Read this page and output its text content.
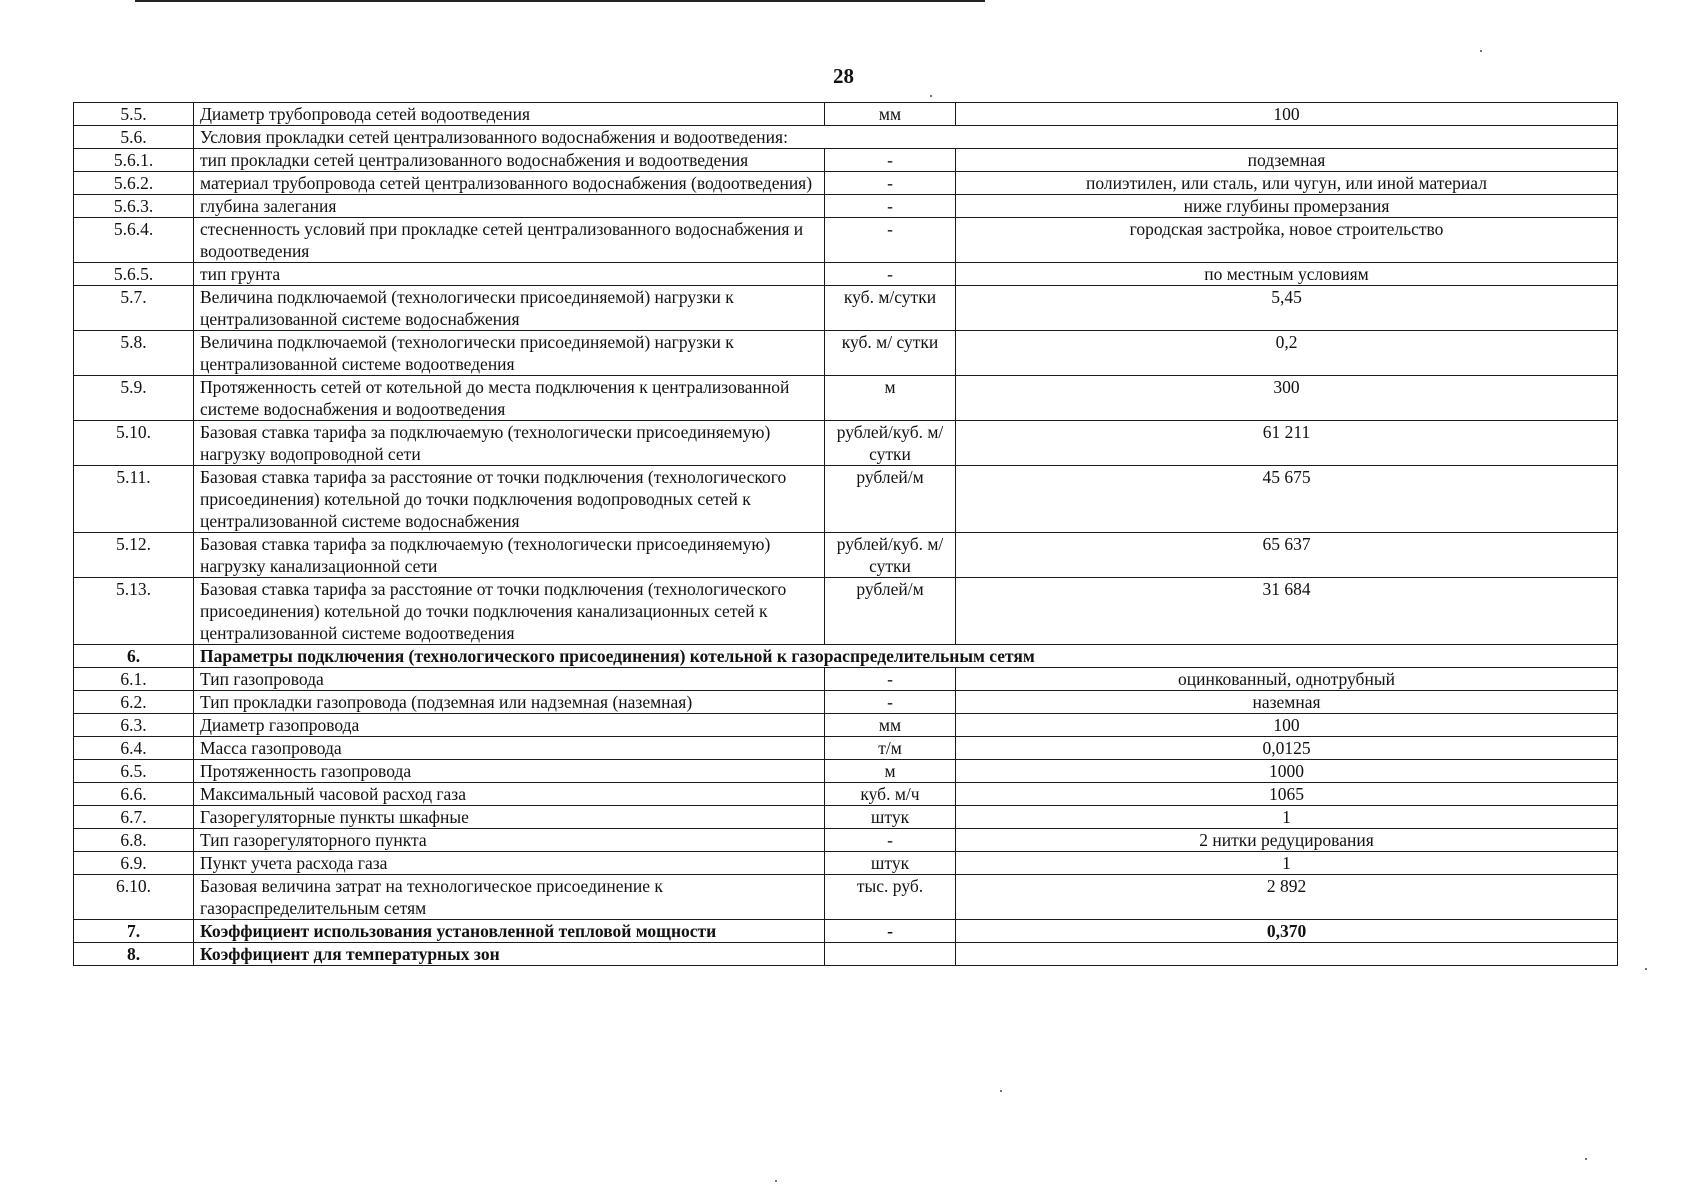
28
5.5.	Диаметр трубопровода сетей водоотведения	мм	100
5.6.	Условия прокладки сетей централизованного водоснабжения и водоотведения:		
5.6.1.	тип прокладки сетей централизованного водоснабжения и водоотведения	-	подземная
5.6.2.	материал трубопровода сетей централизованного водоснабжения (водоотведения)	-	полиэтилен, или сталь, или чугун, или иной материал
5.6.3.	глубина залегания	-	ниже глубины промерзания
5.6.4.	стесненность условий при прокладке сетей централизованного водоснабжения и водоотведения	-	городская застройка, новое строительство
5.6.5.	тип грунта	-	по местным условиям
5.7.	Величина подключаемой (технологически присоединяемой) нагрузки к централизованной системе водоснабжения	куб. м/сутки	5,45
5.8.	Величина подключаемой (технологически присоединяемой) нагрузки к централизованной системе водоотведения	куб. м/ сутки	0,2
5.9.	Протяженность сетей от котельной до места подключения к централизованной системе водоснабжения и водоотведения	м	300
5.10.	Базовая ставка тарифа за подключаемую (технологически присоединяемую) нагрузку водопроводной сети	рублей/куб. м/сутки	61 211
5.11.	Базовая ставка тарифа за расстояние от точки подключения (технологического присоединения) котельной до точки подключения водопроводных сетей к централизованной системе водоснабжения	рублей/м	45 675
5.12.	Базовая ставка тарифа за подключаемую (технологически присоединяемую) нагрузку канализационной сети	рублей/куб. м/сутки	65 637
5.13.	Базовая ставка тарифа за расстояние от точки подключения (технологического присоединения) котельной до точки подключения канализационных сетей к централизованной системе водоотведения	рублей/м	31 684
6.	Параметры подключения (технологического присоединения) котельной к газораспределительным сетям		
6.1.	Тип газопровода	-	оцинкованный, однотрубный
6.2.	Тип прокладки газопровода (подземная или надземная (наземная)	-	наземная
6.3.	Диаметр газопровода	мм	100
6.4.	Масса газопровода	т/м	0,0125
6.5.	Протяженность газопровода	м	1000
6.6.	Максимальный часовой расход газа	куб. м/ч	1065
6.7.	Газорегуляторные пункты шкафные	штук	1
6.8.	Тип газорегуляторного пункта	-	2 нитки редуцирования
6.9.	Пункт учета расхода газа	штук	1
6.10.	Базовая величина затрат на технологическое присоединение к газораспределительным сетям	тыс. руб.	2 892
7.	Коэффициент использования установленной тепловой мощности	-	0,370
8.	Коэффициент для температурных зон		
